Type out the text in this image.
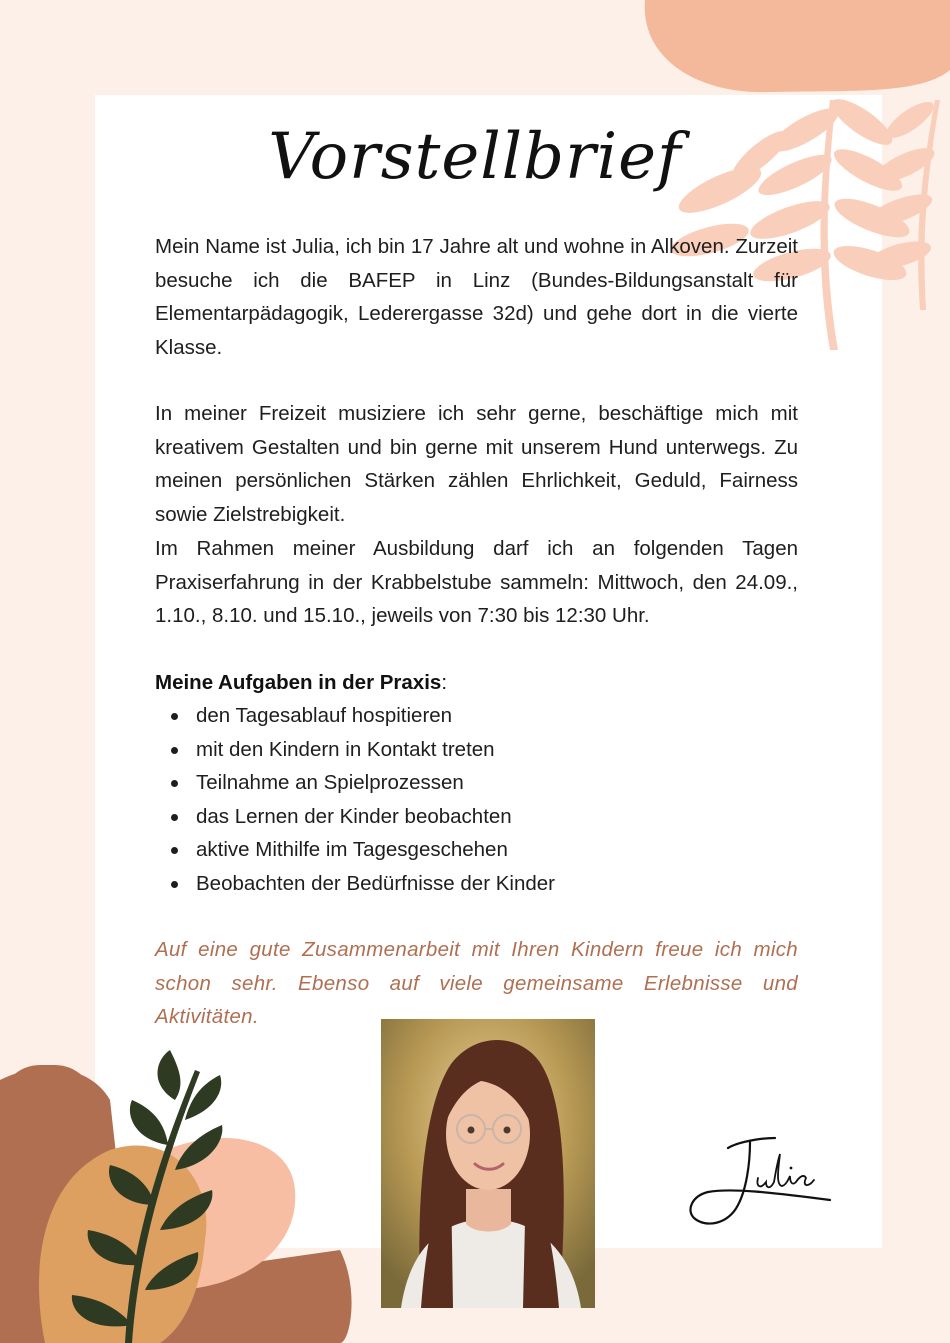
Vorstellbrief

Mein Name ist Julia, ich bin 17 Jahre alt und wohne in Alkoven. Zurzeit besuche ich die BAFEP in Linz (Bundes-Bildungsanstalt für Elementarpädagogik, Lederergasse 32d) und gehe dort in die vierte Klasse.

In meiner Freizeit musiziere ich sehr gerne, beschäftige mich mit kreativem Gestalten und bin gerne mit unserem Hund unterwegs. Zu meinen persönlichen Stärken zählen Ehrlichkeit, Geduld, Fairness sowie Zielstrebigkeit.

Im Rahmen meiner Ausbildung darf ich an folgenden Tagen Praxiserfahrung in der Krabbelstube sammeln: Mittwoch, den 24.09., 1.10., 8.10. und 15.10., jeweils von 7:30 bis 12:30 Uhr.

Meine Aufgaben in der Praxis:

den Tagesablauf hospitieren
mit den Kindern in Kontakt treten
Teilnahme an Spielprozessen
das Lernen der Kinder beobachten
aktive Mithilfe im Tagesgeschehen
Beobachten der Bedürfnisse der Kinder

Auf eine gute Zusammenarbeit mit Ihren Kindern freue ich mich schon sehr. Ebenso auf viele gemeinsame Erlebnisse und Aktivitäten.
